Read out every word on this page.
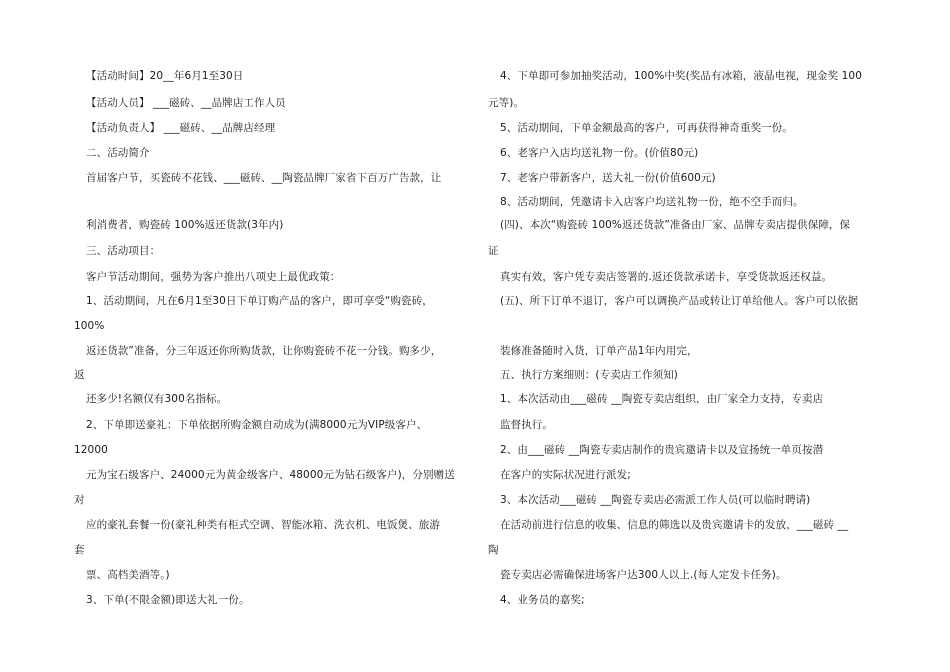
【活动时间】20__年6月1至30日
【活动人员】 ___磁砖、__品牌店工作人员
【活动负责人】 ___磁砖、__品牌店经理
二、活动简介
首届客户节，买瓷砖不花钱、___磁砖、__陶瓷品牌厂家省下百万广告款，让
利消费者，购瓷砖 100%返还货款(3年内)
三、活动项目：
客户节活动期间，强势为客户推出八项史上最优政策：
1、活动期间，凡在6月1至30日下单订购产品的客户，即可享受“购瓷砖，
100%
返还货款”准备，分三年返还你所购货款，让你购瓷砖不花一分钱。购多少，
返
还多少!名额仅有300名指标。
2、下单即送豪礼：下单依据所购金额自动成为(满8000元为VIP级客户、
12000
元为宝石级客户、24000元为黄金级客户、48000元为钻石级客户)，分别赠送
对
应的豪礼套餐一份(豪礼种类有柜式空调、智能冰箱、洗衣机、电饭煲、旅游
套
票、高档美酒等。)
3、下单(不限金额)即送大礼一份。
4、下单即可参加抽奖活动，100%中奖(奖品有冰箱，液晶电视，现金奖 100
元等)。
5、活动期间，下单金额最高的客户，可再获得神奇重奖一份。
6、老客户入店均送礼物一份。(价值80元)
7、老客户带新客户，送大礼一份(价值600元)
8、活动期间，凭邀请卡入店客户均送礼物一份，绝不空手而归。
(四)、本次“购瓷砖 100%返还货款”准备由厂家、品牌专卖店提供保障，保
证
真实有效，客户凭专卖店签署的.返还货款承诺卡，享受货款返还权益。
(五)、所下订单不退订，客户可以调换产品或转让订单给他人。客户可以依据
装修准备随时入货，订单产品1年内用完，
五、执行方案细则：(专卖店工作须知)
1、本次活动由___磁砖 __陶瓷专卖店组织，由厂家全力支持，专卖店
监督执行。
2、由___磁砖 __陶瓷专卖店制作的贵宾邀请卡以及宣扬统一单页按潜
在客户的实际状况进行派发;
3、本次活动___磁砖 __陶瓷专卖店必需派工作人员(可以临时聘请)
在活动前进行信息的收集、信息的筛选以及贵宾邀请卡的发放，___磁砖 __
陶
瓷专卖店必需确保进场客户达300人以上.(每人定发卡任务)。
4、业务员的嘉奖;
